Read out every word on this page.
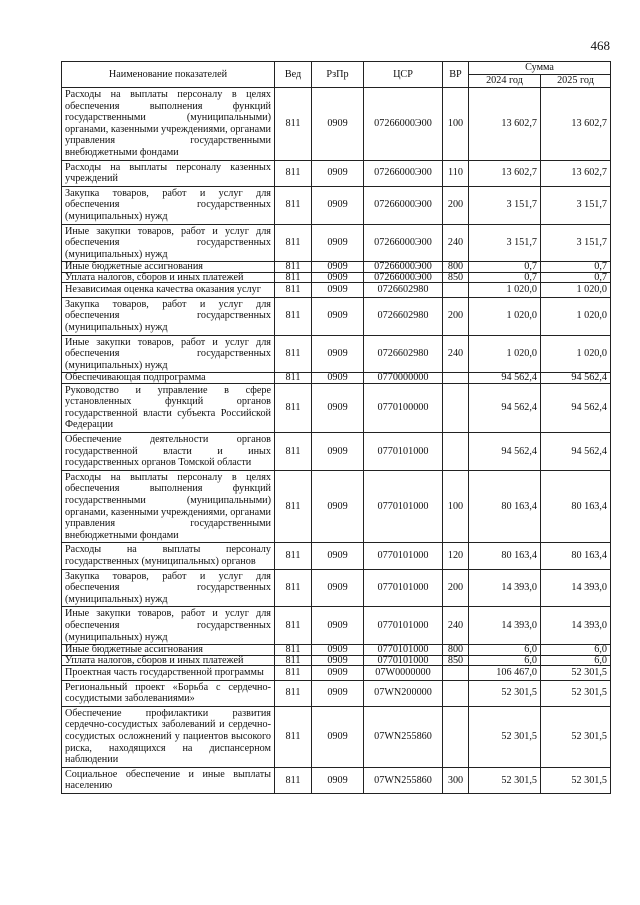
468
Наименование показателей	Вед	РзПр	ЦСР	ВР	Сумма	
					2024 год	2025 год
Расходы на выплаты персоналу в целях обеспечения выполнения функций государственными (муниципальными) органами, казенными учреждениями, органами управления государственными внебюджетными фондами	811	0909	07266000Э00	100	13 602,7	13 602,7
Расходы на выплаты персоналу казенных учреждений	811	0909	07266000Э00	110	13 602,7	13 602,7
Закупка товаров, работ и услуг для обеспечения государственных (муниципальных) нужд	811	0909	07266000Э00	200	3 151,7	3 151,7
Иные закупки товаров, работ и услуг для обеспечения государственных (муниципальных) нужд	811	0909	07266000Э00	240	3 151,7	3 151,7
Иные бюджетные ассигнования	811	0909	07266000Э00	800	0,7	0,7
Уплата налогов, сборов и иных платежей	811	0909	07266000Э00	850	0,7	0,7
Независимая оценка качества оказания услуг	811	0909	0726602980		1 020,0	1 020,0
Закупка товаров, работ и услуг для обеспечения государственных (муниципальных) нужд	811	0909	0726602980	200	1 020,0	1 020,0
Иные закупки товаров, работ и услуг для обеспечения государственных (муниципальных) нужд	811	0909	0726602980	240	1 020,0	1 020,0
Обеспечивающая подпрограмма	811	0909	0770000000		94 562,4	94 562,4
Руководство и управление в сфере установленных функций органов государственной власти субъекта Российской Федерации	811	0909	0770100000		94 562,4	94 562,4
Обеспечение деятельности органов государственной власти и иных государственных органов Томской области	811	0909	0770101000		94 562,4	94 562,4
Расходы на выплаты персоналу в целях обеспечения выполнения функций государственными (муниципальными) органами, казенными учреждениями, органами управления государственными внебюджетными фондами	811	0909	0770101000	100	80 163,4	80 163,4
Расходы на выплаты персоналу государственных (муниципальных) органов	811	0909	0770101000	120	80 163,4	80 163,4
Закупка товаров, работ и услуг для обеспечения государственных (муниципальных) нужд	811	0909	0770101000	200	14 393,0	14 393,0
Иные закупки товаров, работ и услуг для обеспечения государственных (муниципальных) нужд	811	0909	0770101000	240	14 393,0	14 393,0
Иные бюджетные ассигнования	811	0909	0770101000	800	6,0	6,0
Уплата налогов, сборов и иных платежей	811	0909	0770101000	850	6,0	6,0
Проектная часть государственной программы	811	0909	07W0000000		106 467,0	52 301,5
Региональный проект «Борьба с сердечно-сосудистыми заболеваниями»	811	0909	07WN200000		52 301,5	52 301,5
Обеспечение профилактики развития сердечно-сосудистых заболеваний и сердечно-сосудистых осложнений у пациентов высокого риска, находящихся на диспансерном наблюдении	811	0909	07WN255860		52 301,5	52 301,5
Социальное обеспечение и иные выплаты населению	811	0909	07WN255860	300	52 301,5	52 301,5
